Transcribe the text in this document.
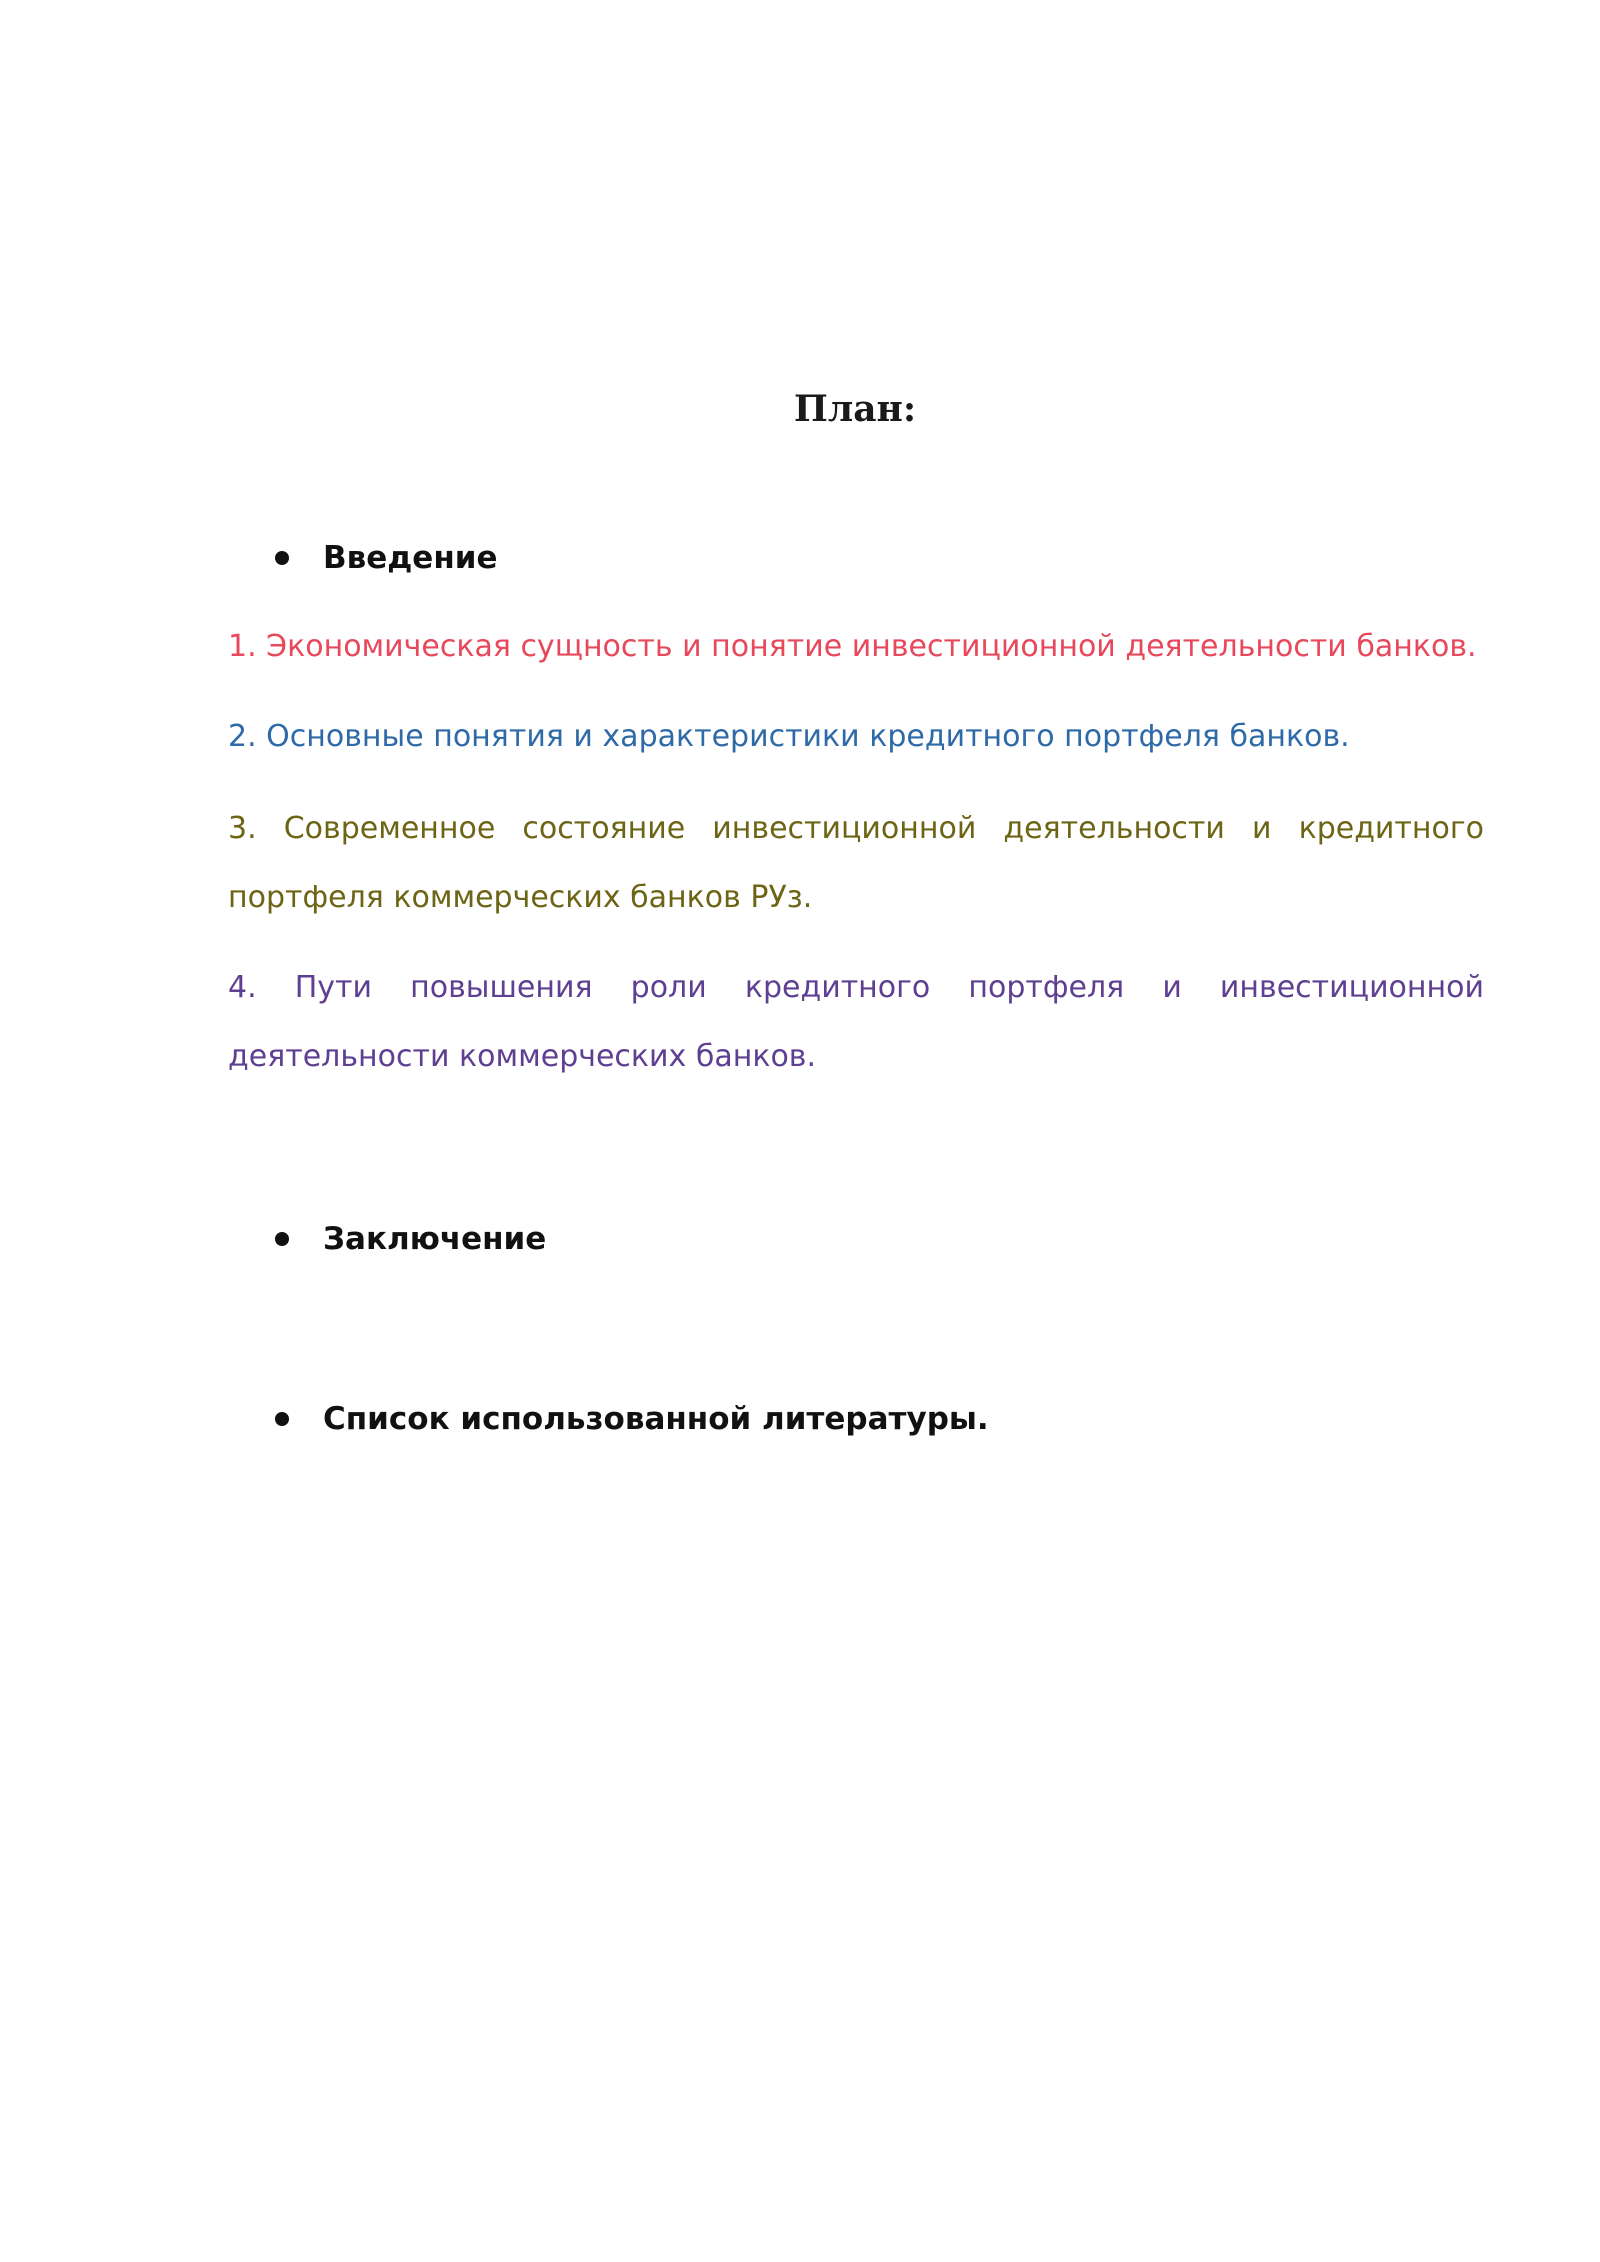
План:
Введение

1. Экономическая сущность и понятие инвестиционной деятельности банков.

2. Основные понятия и характеристики кредитного портфеля банков.

3. Современное состояние инвестиционной деятельности и кредитного портфеля коммерческих банков РУз.

4. Пути повышения роли кредитного портфеля и инвестиционной деятельности коммерческих банков.

Заключение
Список использованной литературы.
